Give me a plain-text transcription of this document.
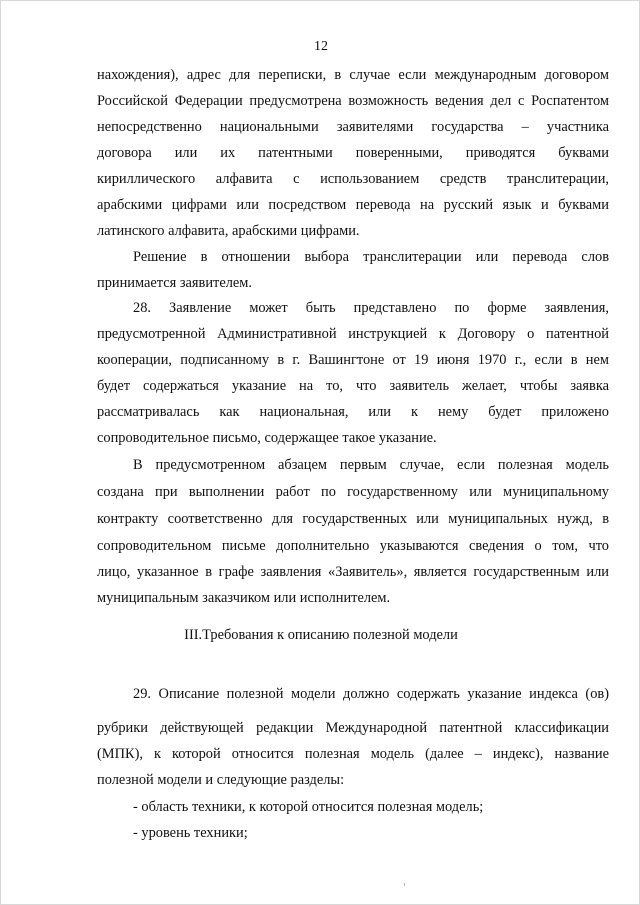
12
нахождения), адрес для переписки, в случае если международным договором
Российской Федерации предусмотрена возможность ведения дел с Роспатентом
непосредственно национальными заявителями государства – участника
договора или их патентными поверенными, приводятся буквами
кириллического алфавита с использованием средств транслитерации,
арабскими цифрами или посредством перевода на русский язык и буквами
латинского алфавита, арабскими цифрами.
Решение в отношении выбора транслитерации или перевода слов
принимается заявителем.
28. Заявление может быть представлено по форме заявления,
предусмотренной Административной инструкцией к Договору о патентной
кооперации, подписанному в г. Вашингтоне от 19 июня 1970 г., если в нем
будет содержаться указание на то, что заявитель желает, чтобы заявка
рассматривалась как национальная, или к нему будет приложено
сопроводительное письмо, содержащее такое указание.
В предусмотренном абзацем первым случае, если полезная модель
создана при выполнении работ по государственному или муниципальному
контракту соответственно для государственных или муниципальных нужд, в
сопроводительном письме дополнительно указываются сведения о том, что
лицо, указанное в графе заявления «Заявитель», является государственным или
муниципальным заказчиком или исполнителем.
III.Требования к описанию полезной модели
29. Описание полезной модели должно содержать указание индекса (ов)
рубрики действующей редакции Международной патентной классификации
(МПК), к которой относится полезная модель (далее – индекс), название
полезной модели и следующие разделы:
- область техники, к которой относится полезная модель;
- уровень техники;
